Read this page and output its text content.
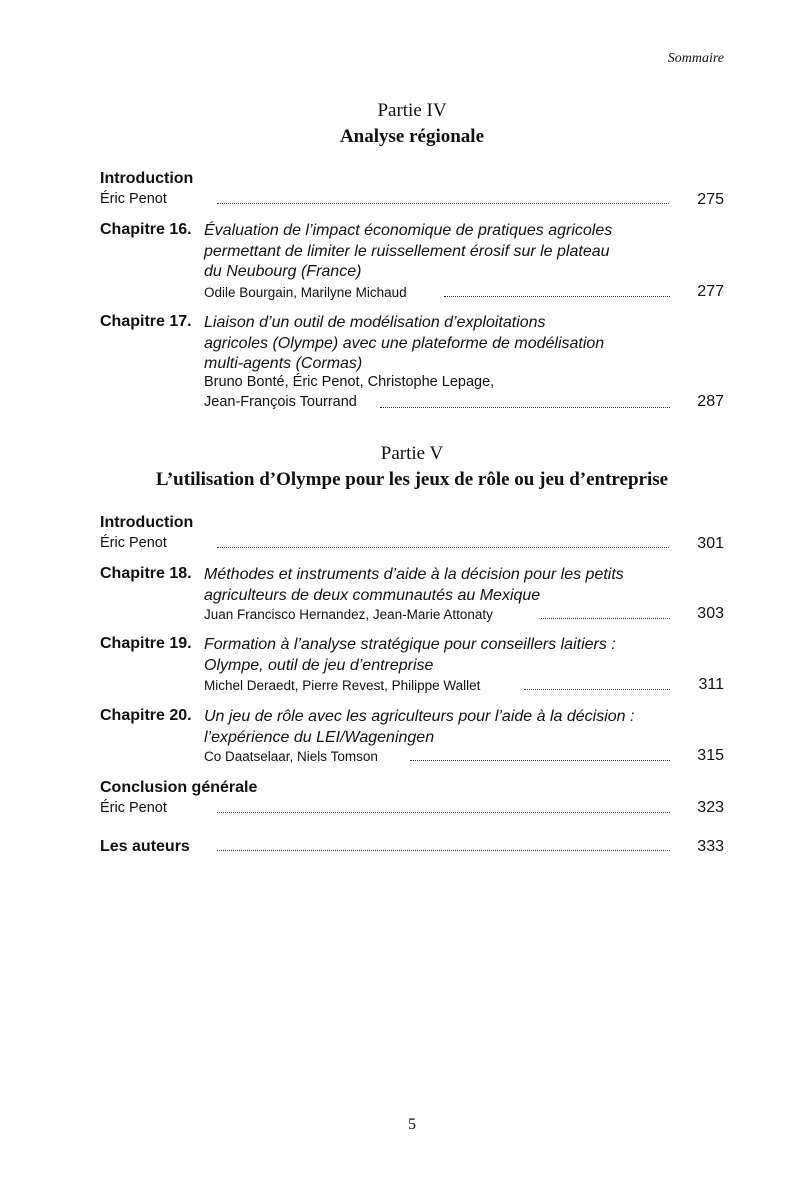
Sommaire
Partie IV
Analyse régionale
Introduction
Éric Penot	275
Chapitre 16. Évaluation de l’impact économique de pratiques agricoles
permettant de limiter le ruissellement érosif sur le plateau
du Neubourg (France)
Odile Bourgain, Marilyne Michaud	277
Chapitre 17. Liaison d’un outil de modélisation d’exploitations
agricoles (Olympe) avec une plateforme de modélisation
multi-agents (Cormas)
Bruno Bonté, Éric Penot, Christophe Lepage,
Jean-François Tourrand	287
Partie V
L’utilisation d’Olympe pour les jeux de rôle ou jeu d’entreprise
Introduction
Éric Penot	301
Chapitre 18. Méthodes et instruments d’aide à la décision pour les petits
agriculteurs de deux communautés au Mexique
Juan Francisco Hernandez, Jean-Marie Attonaty	303
Chapitre 19. Formation à l’analyse stratégique pour conseillers laitiers :
Olympe, outil de jeu d’entreprise
Michel Deraedt, Pierre Revest, Philippe Wallet	311
Chapitre 20. Un jeu de rôle avec les agriculteurs pour l’aide à la décision :
l’expérience du LEI/Wageningen
Co Daatselaar, Niels Tomson	315
Conclusion générale
Éric Penot	323
Les auteurs	333
5
